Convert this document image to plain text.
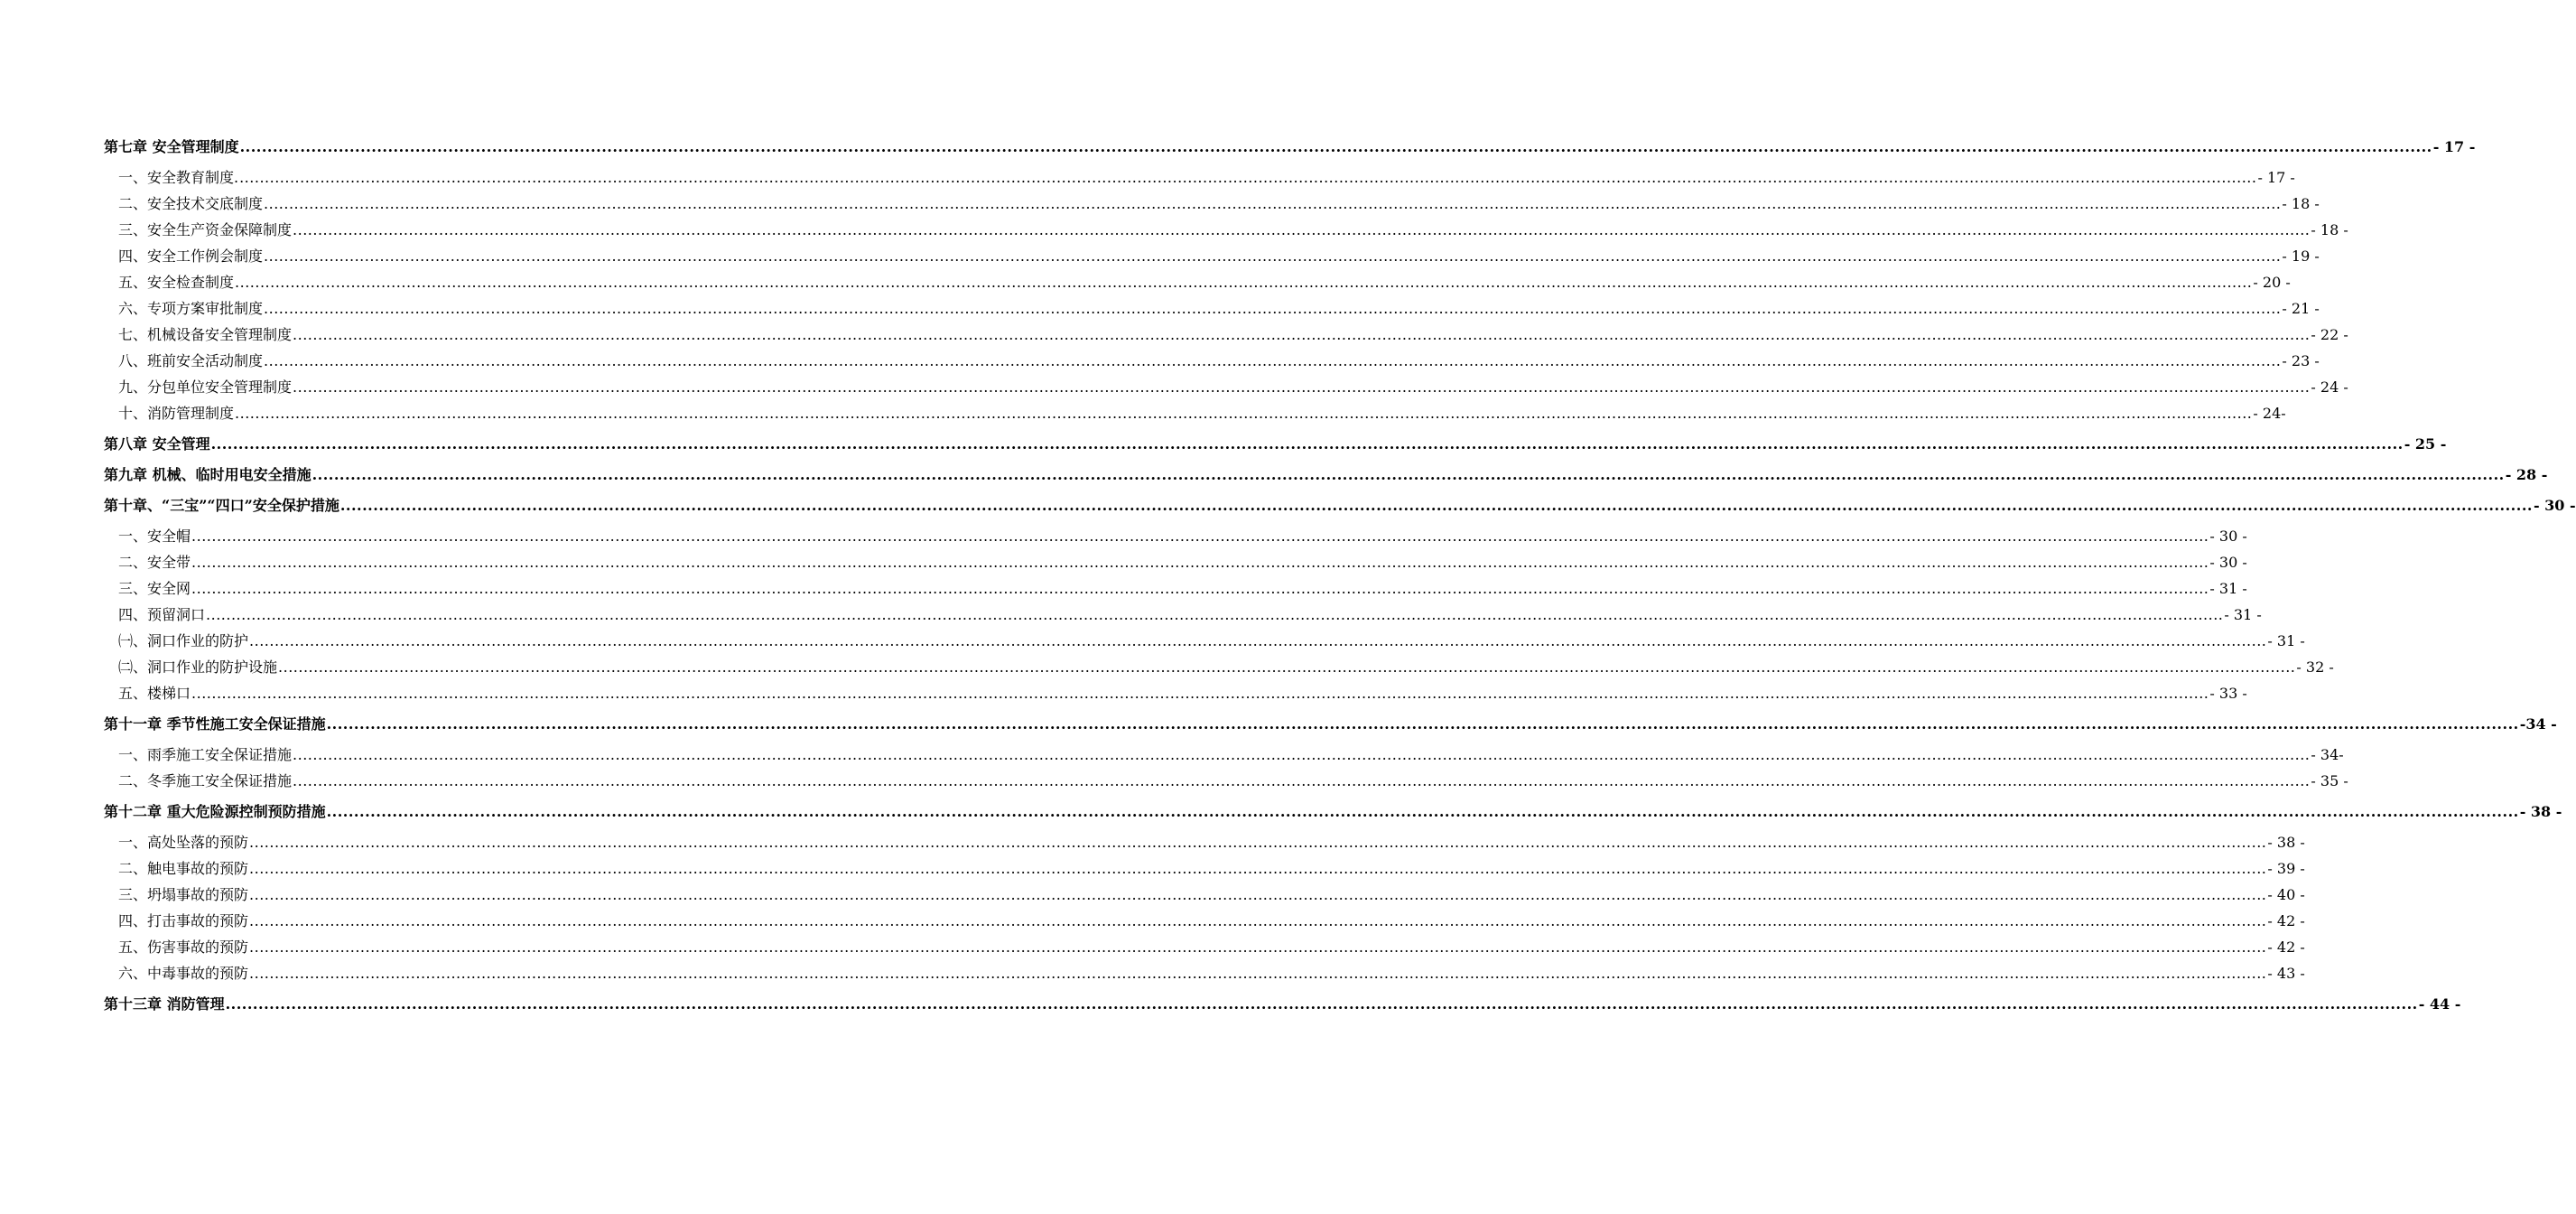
第七章 安全管理制度 ................................................................................................................................................................................................................................................................................................................................................................................................................ - 17 -
一、安全教育制度. ................................................................................................................................................................................................................................................................................................................................................................................................................ - 17 -
二、安全技术交底制度 ................................................................................................................................................................................................................................................................................................................................................................................................................ - 18 -
三、安全生产资金保障制度 ................................................................................................................................................................................................................................................................................................................................................................................................................ - 18 -
四、安全工作例会制度 ................................................................................................................................................................................................................................................................................................................................................................................................................ - 19 -
五、安全检查制度 ................................................................................................................................................................................................................................................................................................................................................................................................................ - 20 -
六、专项方案审批制度 ................................................................................................................................................................................................................................................................................................................................................................................................................ - 21 -
七、机械设备安全管理制度 ................................................................................................................................................................................................................................................................................................................................................................................................................ - 22 -
八、班前安全活动制度 ................................................................................................................................................................................................................................................................................................................................................................................................................ - 23 -
九、分包单位安全管理制度 ................................................................................................................................................................................................................................................................................................................................................................................................................ - 24 -
十、消防管理制度 ................................................................................................................................................................................................................................................................................................................................................................................................................ - 24-
第八章 安全管理 ................................................................................................................................................................................................................................................................................................................................................................................................................ - 25 -
第九章 机械、临时用电安全措施 ................................................................................................................................................................................................................................................................................................................................................................................................................ - 28 -
第十章、“三宝”“四口”安全保护措施 ................................................................................................................................................................................................................................................................................................................................................................................................................ - 30 -
一、安全帽 ................................................................................................................................................................................................................................................................................................................................................................................................................ - 30 -
二、安全带 ................................................................................................................................................................................................................................................................................................................................................................................................................ - 30 -
三、安全网 ................................................................................................................................................................................................................................................................................................................................................................................................................ - 31 -
四、预留洞口 ................................................................................................................................................................................................................................................................................................................................................................................................................ - 31 -
㈠、洞口作业的防护 ................................................................................................................................................................................................................................................................................................................................................................................................................ - 31 -
㈡、洞口作业的防护设施 ................................................................................................................................................................................................................................................................................................................................................................................................................ - 32 -
五、楼梯口 ................................................................................................................................................................................................................................................................................................................................................................................................................ - 33 -
第十一章 季节性施工安全保证措施 ................................................................................................................................................................................................................................................................................................................................................................................................................ -34 -
一、雨季施工安全保证措施 ................................................................................................................................................................................................................................................................................................................................................................................................................ - 34-
二、冬季施工安全保证措施 ................................................................................................................................................................................................................................................................................................................................................................................................................ - 35 -
第十二章 重大危险源控制预防措施 ................................................................................................................................................................................................................................................................................................................................................................................................................ - 38 -
一、高处坠落的预防 ................................................................................................................................................................................................................................................................................................................................................................................................................ - 38 -
二、触电事故的预防 ................................................................................................................................................................................................................................................................................................................................................................................................................ - 39 -
三、坍塌事故的预防 ................................................................................................................................................................................................................................................................................................................................................................................................................ - 40 -
四、打击事故的预防 ................................................................................................................................................................................................................................................................................................................................................................................................................ - 42 -
五、伤害事故的预防 ................................................................................................................................................................................................................................................................................................................................................................................................................ - 42 -
六、中毒事故的预防 ................................................................................................................................................................................................................................................................................................................................................................................................................ - 43 -
第十三章 消防管理 ................................................................................................................................................................................................................................................................................................................................................................................................................ - 44 -
